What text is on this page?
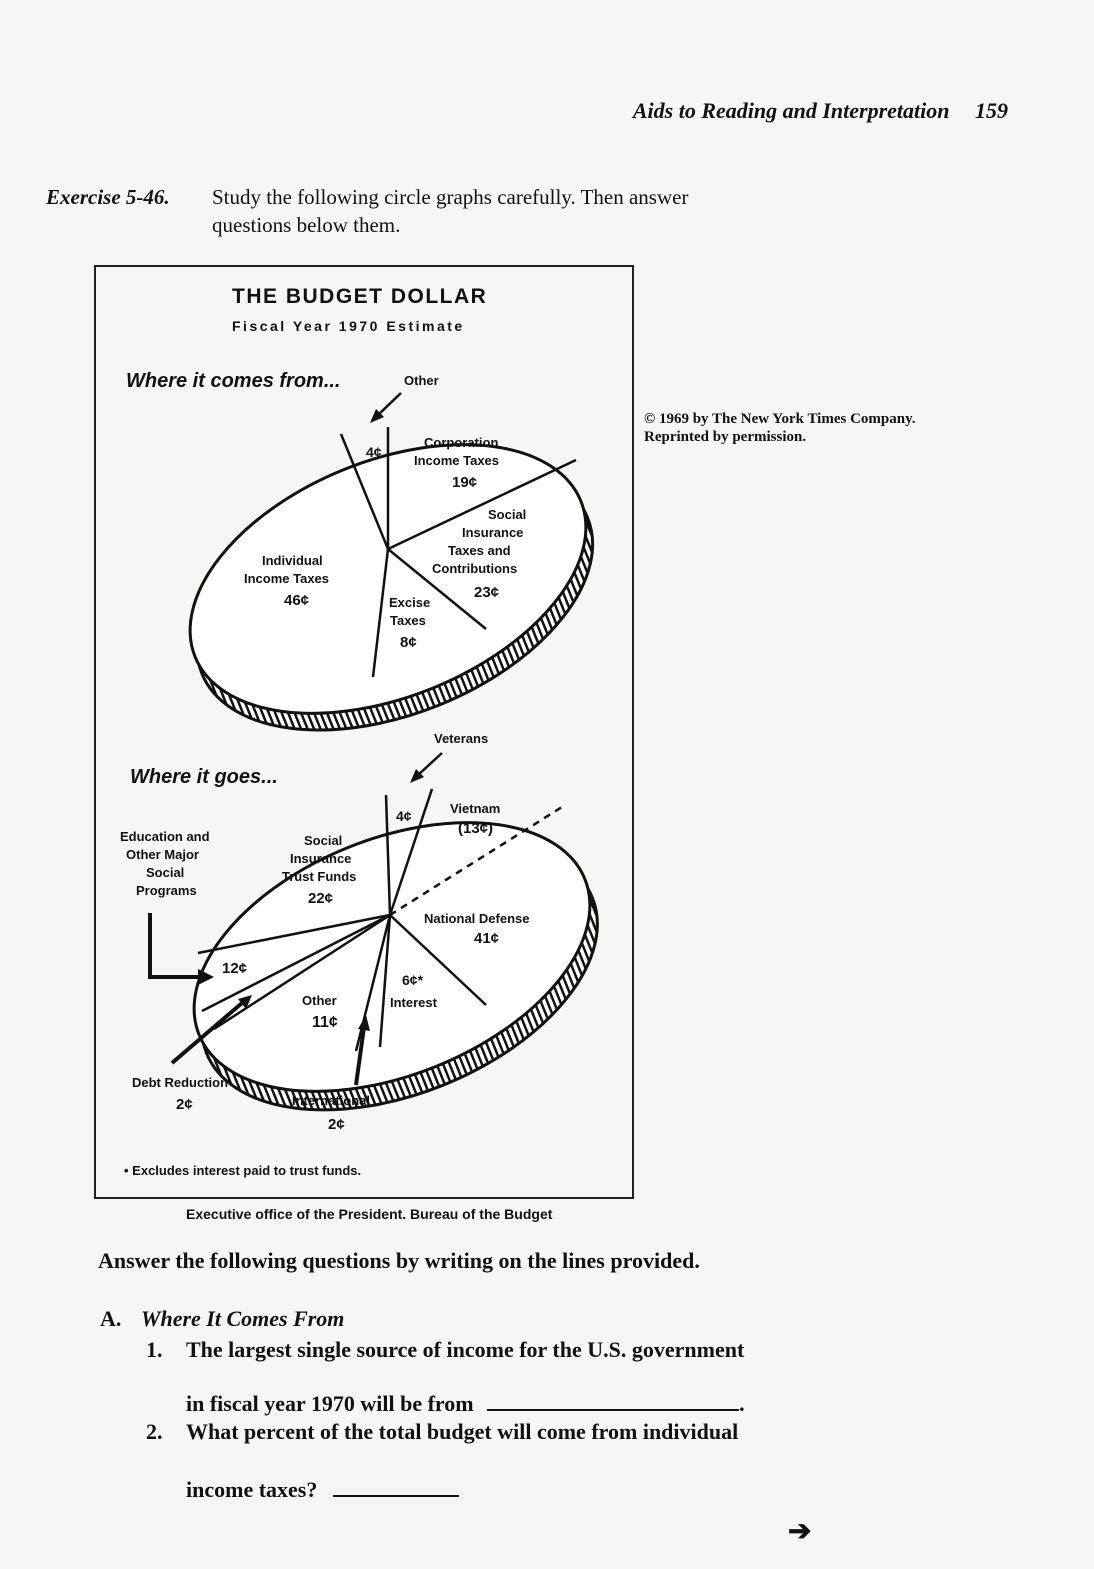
Aids to Reading and Interpretation 159
Exercise 5-46. Study the following circle graphs carefully. Then answer
questions below them.
THE BUDGET DOLLAR
Fiscal Year 1970 Estimate
Where it comes from...
Where it goes...
Other
4¢
Corporation
Income Taxes
19¢
Social
Insurance
Taxes and
Contributions
23¢
Excise
Taxes
8¢
Individual
Income Taxes
46¢
Veterans
4¢	Vietnam
(13¢)
National Defense
41¢
6¢*
Interest
Social
Insurance
Trust Funds
22¢
Other
11¢
12¢
Education and
Other Major
Social
Programs
Debt Reduction
2¢	International
2¢
• Excludes interest paid to trust funds.
© 1969 by The New York Times Company.
Reprinted by permission.
Executive office of the President. Bureau of the Budget
Answer the following questions by writing on the lines provided.
A. Where It Comes From
1. The largest single source of income for the U.S. government
in fiscal year 1970 will be from	.
2. What percent of the total budget will come from individual
income taxes?
➔
